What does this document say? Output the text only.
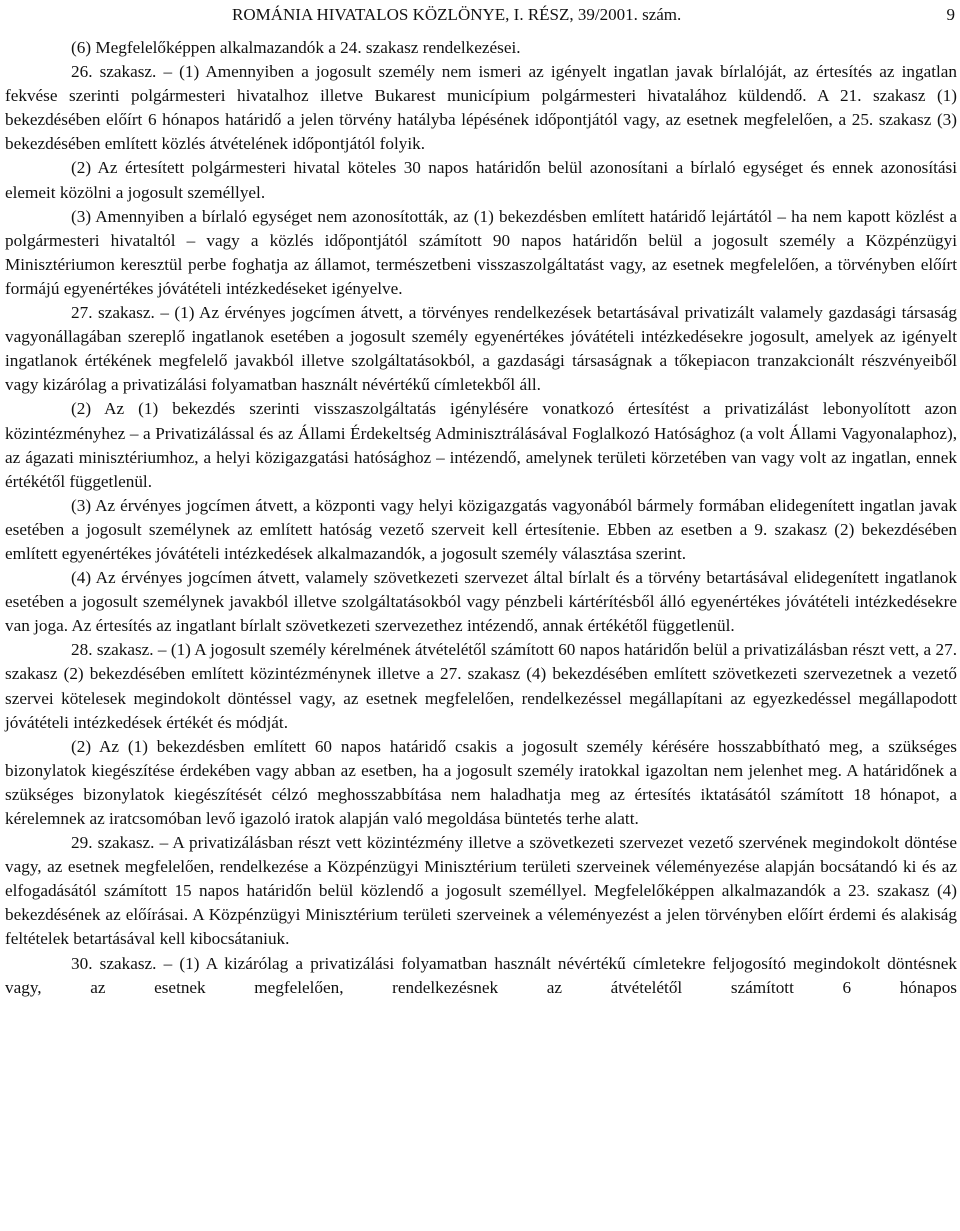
ROMÁNIA HIVATALOS KÖZLÖNYE, I. RÉSZ, 39/2001. szám.	9

(6) Megfelelőképpen alkalmazandók a 24. szakasz rendelkezései.

26. szakasz. – (1) Amennyiben a jogosult személy nem ismeri az igényelt ingatlan javak bírlalóját, az értesítés az ingatlan fekvése szerinti polgármesteri hivatalhoz illetve Bukarest municípium polgármesteri hivatalához küldendő. A 21. szakasz (1) bekezdésében előírt 6 hónapos határidő a jelen törvény hatályba lépésének időpontjától vagy, az esetnek megfelelően, a 25. szakasz (3) bekezdésében említett közlés átvételének időpontjától folyik.

(2) Az értesített polgármesteri hivatal köteles 30 napos határidőn belül azonosítani a bírlaló egységet és ennek azonosítási elemeit közölni a jogosult személlyel.

(3) Amennyiben a bírlaló egységet nem azonosították, az (1) bekezdésben említett határidő lejártától – ha nem kapott közlést a polgármesteri hivataltól – vagy a közlés időpontjától számított 90 napos határidőn belül a jogosult személy a Közpénzügyi Minisztériumon keresztül perbe foghatja az államot, természetbeni visszaszolgáltatást vagy, az esetnek megfelelően, a törvényben előírt formájú egyenértékes jóvátételi intézkedéseket igényelve.

27. szakasz. – (1) Az érvényes jogcímen átvett, a törvényes rendelkezések betartásával privatizált valamely gazdasági társaság vagyonállagában szereplő ingatlanok esetében a jogosult személy egyenértékes jóvátételi intézkedésekre jogosult, amelyek az igényelt ingatlanok értékének megfelelő javakból illetve szolgáltatásokból, a gazdasági társaságnak a tőkepiacon tranzakcionált részvényeiből vagy kizárólag a privatizálási folyamatban használt névértékű címletekből áll.

(2) Az (1) bekezdés szerinti visszaszolgáltatás igénylésére vonatkozó értesítést a privatizálást lebonyolított azon közintézményhez – a Privatizálással és az Állami Érdekeltség Adminisztrálásával Foglalkozó Hatósághoz (a volt Állami Vagyonalaphoz), az ágazati minisztériumhoz, a helyi közigazgatási hatósághoz – intézendő, amelynek területi körzetében van vagy volt az ingatlan, ennek értékétől függetlenül.

(3) Az érvényes jogcímen átvett, a központi vagy helyi közigazgatás vagyonából bármely formában elidegenített ingatlan javak esetében a jogosult személynek az említett hatóság vezető szerveit kell értesítenie. Ebben az esetben a 9. szakasz (2) bekezdésében említett egyenértékes jóvátételi intézkedések alkalmazandók, a jogosult személy választása szerint.

(4) Az érvényes jogcímen átvett, valamely szövetkezeti szervezet által bírlalt és a törvény betartásával elidegenített ingatlanok esetében a jogosult személynek javakból illetve szolgáltatásokból vagy pénzbeli kártérítésből álló egyenértékes jóvátételi intézkedésekre van joga. Az értesítés az ingatlant bírlalt szövetkezeti szervezethez intézendő, annak értékétől függetlenül.

28. szakasz. – (1) A jogosult személy kérelmének átvételétől számított 60 napos határidőn belül a privatizálásban részt vett, a 27. szakasz (2) bekezdésében említett közintézménynek illetve a 27. szakasz (4) bekezdésében említett szövetkezeti szervezetnek a vezető szervei kötelesek megindokolt döntéssel vagy, az esetnek megfelelően, rendelkezéssel megállapítani az egyezkedéssel megállapodott jóvátételi intézkedések értékét és módját.

(2) Az (1) bekezdésben említett 60 napos határidő csakis a jogosult személy kérésére hosszabbítható meg, a szükséges bizonylatok kiegészítése érdekében vagy abban az esetben, ha a jogosult személy iratokkal igazoltan nem jelenhet meg. A határidőnek a szükséges bizonylatok kiegészítését célzó meghosszabbítása nem haladhatja meg az értesítés iktatásától számított 18 hónapot, a kérelemnek az iratcsomóban levő igazoló iratok alapján való megoldása büntetés terhe alatt.

29. szakasz. – A privatizálásban részt vett közintézmény illetve a szövetkezeti szervezet vezető szervének megindokolt döntése vagy, az esetnek megfelelően, rendelkezése a Közpénzügyi Minisztérium területi szerveinek véleményezése alapján bocsátandó ki és az elfogadásától számított 15 napos határidőn belül közlendő a jogosult személlyel. Megfelelőképpen alkalmazandók a 23. szakasz (4) bekezdésének az előírásai. A Közpénzügyi Minisztérium területi szerveinek a véleményezést a jelen törvényben előírt érdemi és alakiság feltételek betartásával kell kibocsátaniuk.

30. szakasz. – (1) A kizárólag a privatizálási folyamatban használt névértékű címletekre feljogosító megindokolt döntésnek vagy, az esetnek megfelelően, rendelkezésnek az átvételétől számított 6 hónapos
